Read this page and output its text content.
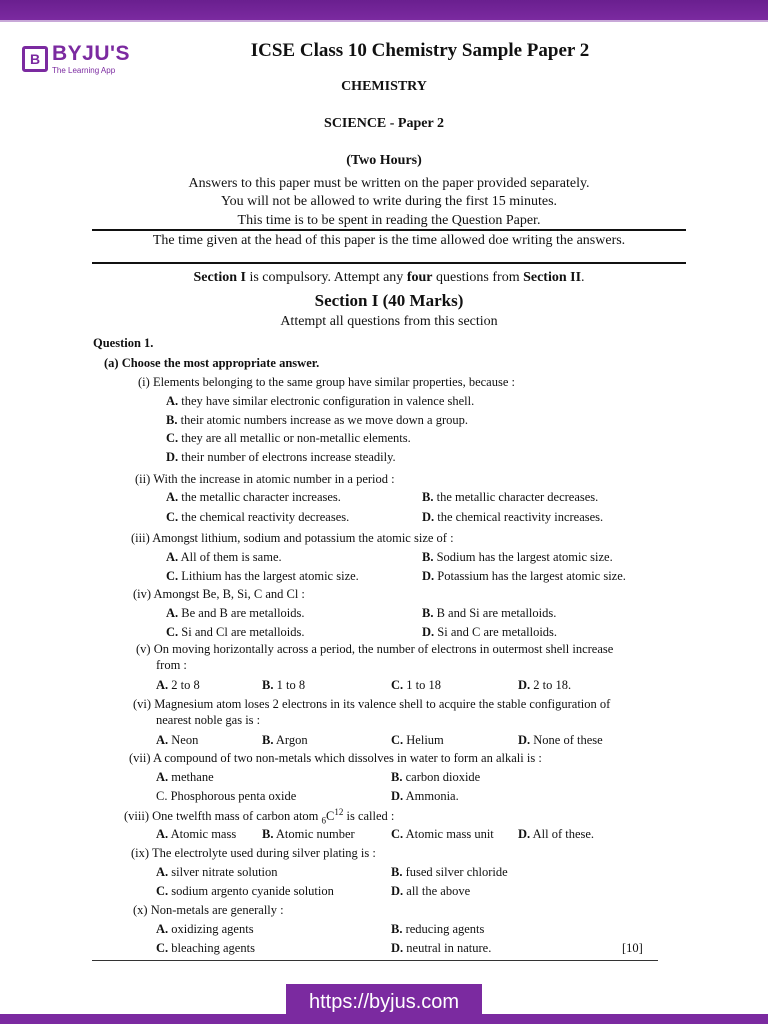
B BYJU'S
The Learning App
ICSE Class 10 Chemistry Sample Paper 2
CHEMISTRY
SCIENCE - Paper 2
(Two Hours)
Answers to this paper must be written on the paper provided separately.
You will not be allowed to write during the first 15 minutes.
This time is to be spent in reading the Question Paper.
The time given at the head of this paper is the time allowed doe writing the answers.
Section I is compulsory. Attempt any four questions from Section II.
Section I (40 Marks)
Attempt all questions from this section
Question 1.
(a) Choose the most appropriate answer.
(i) Elements belonging to the same group have similar properties, because :
A. they have similar electronic configuration in valence shell.
B. their atomic numbers increase as we move down a group.
C. they are all metallic or non-metallic elements.
D. their number of electrons increase steadily.
(ii) With the increase in atomic number in a period :
A. the metallic character increases.	B. the metallic character decreases.
C. the chemical reactivity decreases.	D. the chemical reactivity increases.
(iii) Amongst lithium, sodium and potassium the atomic size of :
A. All of them is same.	B. Sodium has the largest atomic size.
C. Lithium has the largest atomic size.	D. Potassium has the largest atomic size.
(iv) Amongst Be, B, Si, C and Cl :
A. Be and B are metalloids.	B. B and Si are metalloids.
C. Si and Cl are metalloids.	D. Si and C are metalloids.
(v) On moving horizontally across a period, the number of electrons in outermost shell increase
from :
A. 2 to 8	B. 1 to 8	C. 1 to 18	D. 2 to 18.
(vi) Magnesium atom loses 2 electrons in its valence shell to acquire the stable configuration of
nearest noble gas is :
A. Neon	B. Argon	C. Helium	D. None of these
(vii) A compound of two non-metals which dissolves in water to form an alkali is :
A. methane	B. carbon dioxide
C. Phosphorous penta oxide	D. Ammonia.
(viii) One twelfth mass of carbon atom $_6C^{12}$ is called :
A. Atomic mass B. Atomic number	C. Atomic mass unit D. All of these.
(ix) The electrolyte used during silver plating is :
A. silver nitrate solution	B. fused silver chloride
C. sodium argento cyanide solution	D. all the above
(x) Non-metals are generally :
A. oxidizing agents	B. reducing agents
C. bleaching agents	D. neutral in nature.	[10]
https://byjus.com
